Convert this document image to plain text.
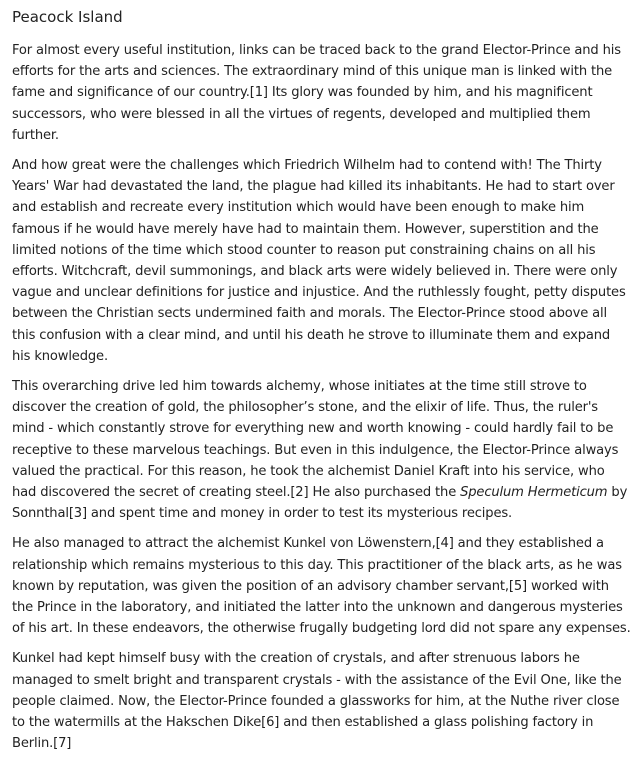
Peacock Island

For almost every useful institution, links can be traced back to the grand Elector-Prince and his efforts for the arts and sciences. The extraordinary mind of this unique man is linked with the fame and significance of our country.[1] Its glory was founded by him, and his magnificent successors, who were blessed in all the virtues of regents, developed and multiplied them further.

And how great were the challenges which Friedrich Wilhelm had to contend with! The Thirty Years' War had devastated the land, the plague had killed its inhabitants. He had to start over and establish and recreate every institution which would have been enough to make him famous if he would have merely have had to maintain them. However, superstition and the limited notions of the time which stood counter to reason put constraining chains on all his efforts. Witchcraft, devil summonings, and black arts were widely believed in. There were only vague and unclear definitions for justice and injustice. And the ruthlessly fought, petty disputes between the Christian sects undermined faith and morals. The Elector-Prince stood above all this confusion with a clear mind, and until his death he strove to illuminate them and expand his knowledge.

This overarching drive led him towards alchemy, whose initiates at the time still strove to discover the creation of gold, the philosopher’s stone, and the elixir of life. Thus, the ruler's mind - which constantly strove for everything new and worth knowing - could hardly fail to be receptive to these marvelous teachings. But even in this indulgence, the Elector-Prince always valued the practical. For this reason, he took the alchemist Daniel Kraft into his service, who had discovered the secret of creating steel.[2] He also purchased the Speculum Hermeticum by Sonnthal[3] and spent time and money in order to test its mysterious recipes.

He also managed to attract the alchemist Kunkel von Löwenstern,[4] and they established a relationship which remains mysterious to this day. This practitioner of the black arts, as he was known by reputation, was given the position of an advisory chamber servant,[5] worked with the Prince in the laboratory, and initiated the latter into the unknown and dangerous mysteries of his art. In these endeavors, the otherwise frugally budgeting lord did not spare any expenses.

Kunkel had kept himself busy with the creation of crystals, and after strenuous labors he managed to smelt bright and transparent crystals - with the assistance of the Evil One, like the people claimed. Now, the Elector-Prince founded a glassworks for him, at the Nuthe river close to the watermills at the Hakschen Dike[6] and then established a glass polishing factory in Berlin.[7]
